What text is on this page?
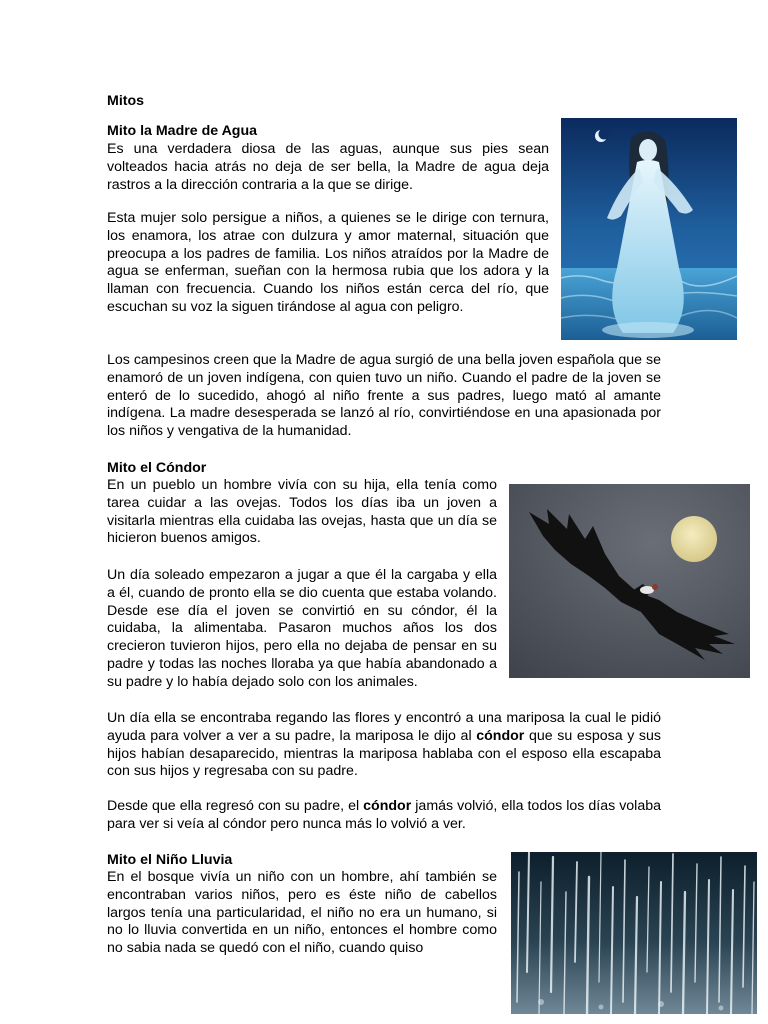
Mitos

Mito la Madre de Agua

Es una verdadera diosa de las aguas, aunque sus pies sean volteados hacia atrás no deja de ser bella, la Madre de agua deja rastros a la dirección contraria a la que se dirige.

Esta mujer solo persigue a niños, a quienes se le dirige con ternura, los enamora, los atrae con dulzura y amor maternal, situación que preocupa a los padres de familia. Los niños atraídos por la Madre de agua se enferman, sueñan con la hermosa rubia que los adora y la llaman con frecuencia. Cuando los niños están cerca del río, que escuchan su voz la siguen tirándose al agua con peligro.

Los campesinos creen que la Madre de agua surgió de una bella joven española que se enamoró de un joven indígena, con quien tuvo un niño. Cuando el padre de la joven se enteró de lo sucedido, ahogó al niño frente a sus padres, luego mató al amante indígena. La madre desesperada se lanzó al río, convirtiéndose en una apasionada por los niños y vengativa de la humanidad.

Mito el Cóndor

En un pueblo un hombre vivía con su hija, ella tenía como tarea cuidar a las ovejas. Todos los días iba un joven a visitarla mientras ella cuidaba las ovejas, hasta que un día se hicieron buenos amigos.

Un día soleado empezaron a jugar a que él la cargaba y ella a él, cuando de pronto ella se dio cuenta que estaba volando. Desde ese día el joven se convirtió en su cóndor, él la cuidaba, la alimentaba. Pasaron muchos años los dos crecieron tuvieron hijos, pero ella no dejaba de pensar en su padre y todas las noches lloraba ya que había abandonado a su padre y lo había dejado solo con los animales.

Un día ella se encontraba regando las flores y encontró a una mariposa la cual le pidió ayuda para volver a ver a su padre, la mariposa le dijo al cóndor que su esposa y sus hijos habían desaparecido, mientras la mariposa hablaba con el esposo ella escapaba con sus hijos y regresaba con su padre.

Desde que ella regresó con su padre, el cóndor jamás volvió, ella todos los días volaba para ver si veía al cóndor pero nunca más lo volvió a ver.

Mito el Niño Lluvia

En el bosque vivía un niño con un hombre, ahí también se encontraban varios niños, pero es éste niño de cabellos largos tenía una particularidad, el niño no era un humano, si no lo lluvia convertida en un niño, entonces el hombre como no sabia nada se quedó con el niño, cuando quiso
